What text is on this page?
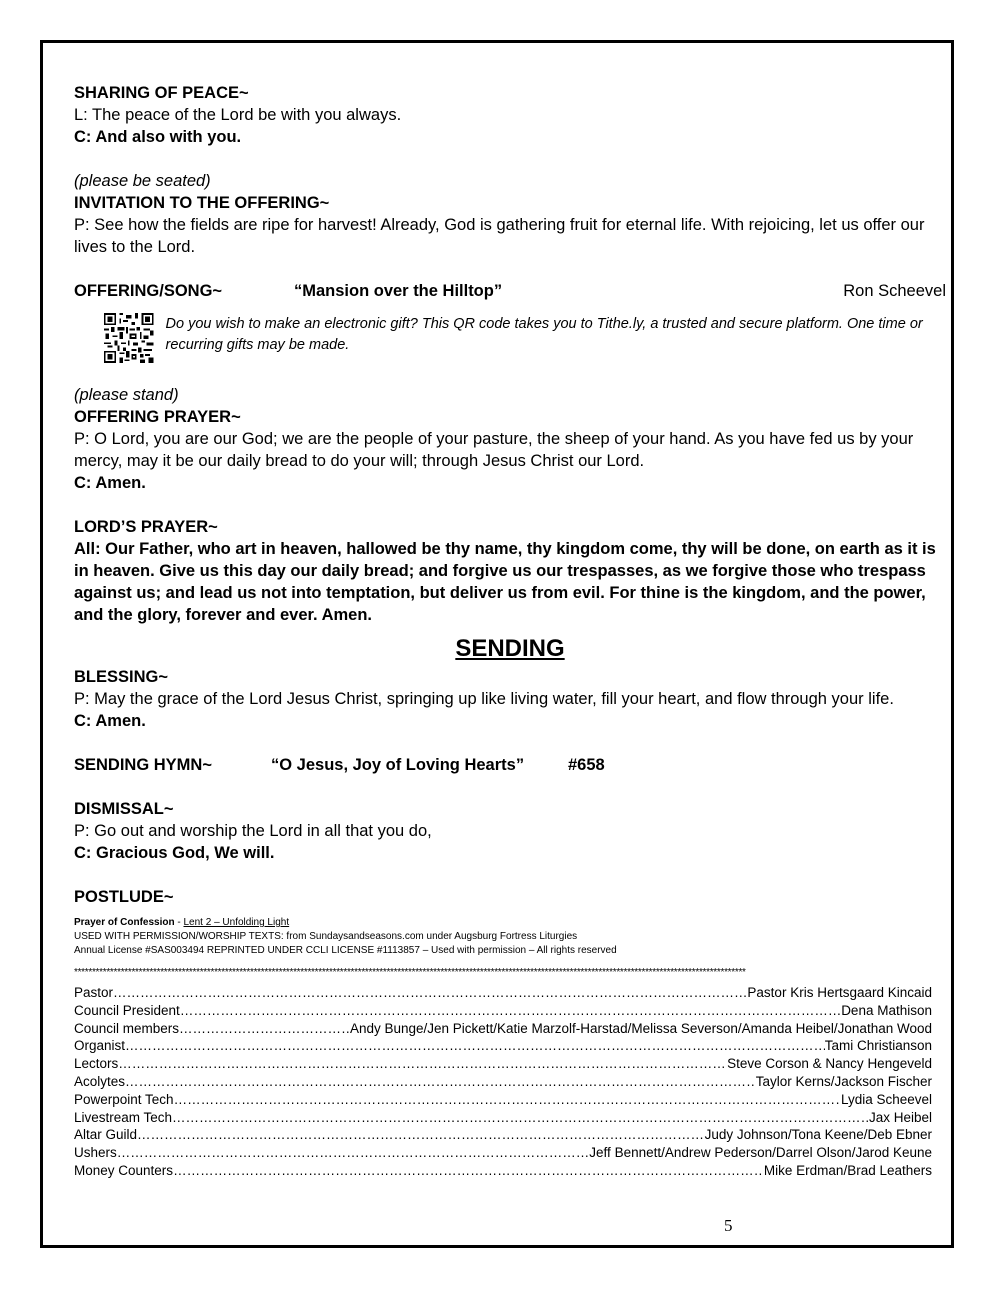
SHARING OF PEACE~

L: The peace of the Lord be with you always.

C: And also with you.

(please be seated)

INVITATION TO THE OFFERING~

P: See how the fields are ripe for harvest! Already, God is gathering fruit for eternal life. With rejoicing, let us offer our lives to the Lord.

OFFERING/SONG~	“Mansion over the Hilltop”	Ron Scheevel

Do you wish to make an electronic gift? This QR code takes you to Tithe.ly, a trusted and secure platform. One time or recurring gifts may be made.

(please stand)

OFFERING PRAYER~

P: O Lord, you are our God; we are the people of your pasture, the sheep of your hand. As you have fed us by your mercy, may it be our daily bread to do your will; through Jesus Christ our Lord.

C: Amen.

LORD’S PRAYER~

All: Our Father, who art in heaven, hallowed be thy name, thy kingdom come, thy will be done, on earth as it is in heaven. Give us this day our daily bread; and forgive us our trespasses, as we forgive those who trespass against us; and lead us not into temptation, but deliver us from evil. For thine is the kingdom, and the power, and the glory, forever and ever. Amen.

SENDING

BLESSING~

P: May the grace of the Lord Jesus Christ, springing up like living water, fill your heart, and flow through your life.

C: Amen.

SENDING HYMN~	“O Jesus, Joy of Loving Hearts”	#658

DISMISSAL~

P: Go out and worship the Lord in all that you do,

C: Gracious God, We will.

POSTLUDE~

Prayer of Confession - Lent 2 – Unfolding Light

USED WITH PERMISSION/WORSHIP TEXTS: from Sundaysandseasons.com under Augsburg Fortress Liturgies

Annual License #SAS003494 REPRINTED UNDER CCLI LICENSE #1113857 – Used with permission – All rights reserved

*******************************************************************************************************************************************************************************************
Pastor ……………………………………………………………………………………………………………………………………………………………………………………………………………………………………………	Pastor Kris Hertsgaard Kincaid
Council President ……………………………………………………………………………………………………………………………………………………………………………………………………………………………………………	Dena Mathison
Council members ……………………………………………………………………………………………………………………………………………………………………………………………………………………………………………	Andy Bunge/Jen Pickett/Katie Marzolf-Harstad/Melissa Severson/Amanda Heibel/Jonathan Wood
Organist ……………………………………………………………………………………………………………………………………………………………………………………………………………………………………………	Tami Christianson
Lectors ……………………………………………………………………………………………………………………………………………………………………………………………………………………………………………	Steve Corson & Nancy Hengeveld
Acolytes ……………………………………………………………………………………………………………………………………………………………………………………………………………………………………………	Taylor Kerns/Jackson Fischer
Powerpoint Tech ……………………………………………………………………………………………………………………………………………………………………………………………………………………………………………	Lydia Scheevel
Livestream Tech ……………………………………………………………………………………………………………………………………………………………………………………………………………………………………………	Jax Heibel
Altar Guild ……………………………………………………………………………………………………………………………………………………………………………………………………………………………………………	Judy Johnson/Tona Keene/Deb Ebner
Ushers ……………………………………………………………………………………………………………………………………………………………………………………………………………………………………………	Jeff Bennett/Andrew Pederson/Darrel Olson/Jarod Keune
Money Counters ……………………………………………………………………………………………………………………………………………………………………………………………………………………………………………	Mike Erdman/Brad Leathers
5
